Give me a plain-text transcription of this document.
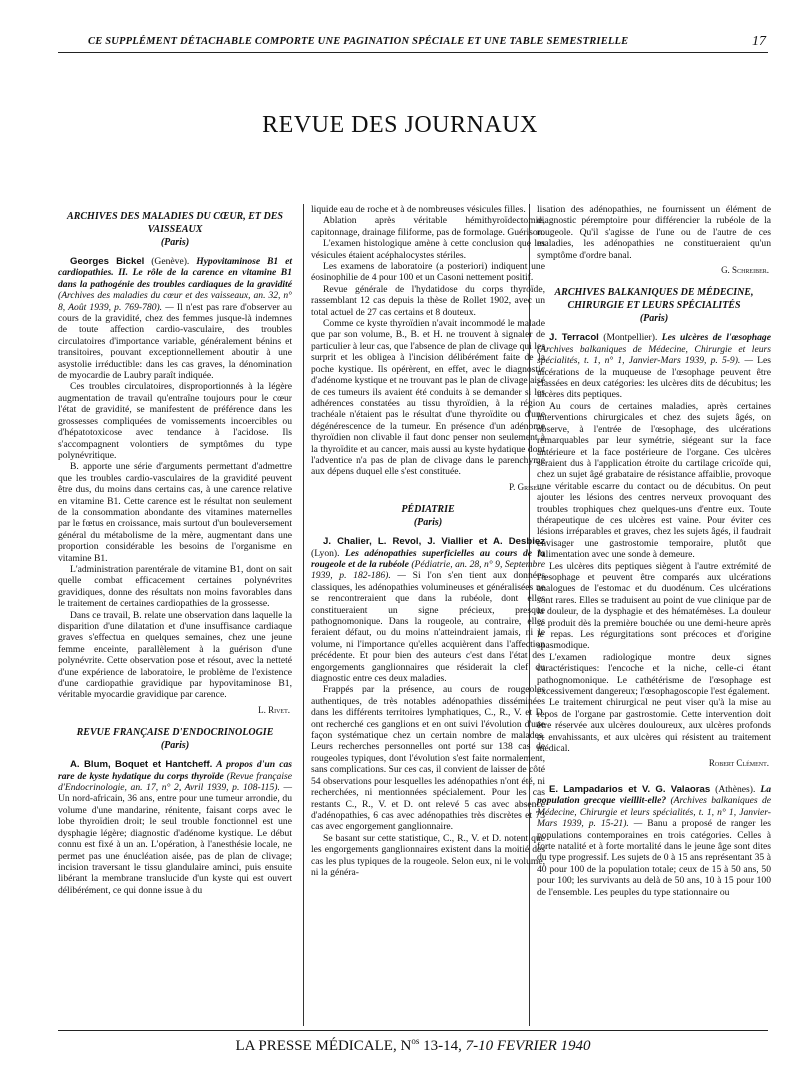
CE SUPPLÉMENT DÉTACHABLE COMPORTE UNE PAGINATION SPÉCIALE ET UNE TABLE SEMESTRIELLE	17
REVUE DES JOURNAUX
ARCHIVES DES MALADIES DU CŒUR, ET DES VAISSEAUX
(Paris)

Georges Bickel (Genève). Hypovitaminose B1 et cardiopathies. II. Le rôle de la carence en vitamine B1 dans la pathogénie des troubles cardiaques de la gravidité (Archives des maladies du cœur et des vaisseaux, an. 32, n° 8, Août 1939, p. 769-780). — Il n'est pas rare d'observer au cours de la gravidité, chez des femmes jusque-là indemnes de toute affection cardio-vasculaire, des troubles circulatoires d'importance variable, généralement bénins et transitoires, pouvant exceptionnellement aboutir à une asystolie irréductible: dans les cas graves, la dénomination de myocardie de Laubry paraît indiquée.

Ces troubles circulatoires, disproportionnés à la légère augmentation de travail qu'entraîne toujours pour le cœur l'état de gravidité, se manifestent de préférence dans les grossesses compliquées de vomissements incoercibles ou d'hépatotoxicose avec tendance à l'acidose. Ils s'accompagnent volontiers de symptômes du type polynévritique.

B. apporte une série d'arguments permettant d'admettre que les troubles cardio-vasculaires de la gravidité peuvent être dus, du moins dans certains cas, à une carence relative en vitamine B1. Cette carence est le résultat non seulement de la consommation abondante des vitamines maternelles par le fœtus en croissance, mais surtout d'un bouleversement général du métabolisme de la mère, augmentant dans une proportion considérable les besoins de l'organisme en vitamine B1.

L'administration parentérale de vitamine B1, dont on sait quelle combat efficacement certaines polynévrites gravidiques, donne des résultats non moins favorables dans le traitement de certaines cardiopathies de la grossesse.

Dans ce travail, B. relate une observation dans laquelle la disparition d'une dilatation et d'une insuffisance cardiaque graves s'effectua en quelques semaines, chez une jeune femme enceinte, parallèlement à la guérison d'une polynévrite. Cette observation pose et résout, avec la netteté d'une expérience de laboratoire, le problème de l'existence d'une cardiopathie gravidique par hypovitaminose B1, véritable myocardie gravidique par carence.

L. Rivet.
REVUE FRANÇAISE D'ENDOCRINOLOGIE
(Paris)

A. Blum, Boquet et Hantcheff. A propos d'un cas rare de kyste hydatique du corps thyroïde (Revue française d'Endocrinologie, an. 17, n° 2, Avril 1939, p. 108-115). — Un nord-africain, 36 ans, entre pour une tumeur arrondie, du volume d'une mandarine, rénitente, faisant corps avec le lobe thyroïdien droit; le seul trouble fonctionnel est une dysphagie légère; diagnostic d'adénome kystique. Le début connu est fixé à un an. L'opération, à l'anesthésie locale, ne permet pas une énucléation aisée, pas de plan de clivage; incision traversant le tissu glandulaire aminci, puis ensuite libérant la membrane translucide d'un kyste qui est ouvert délibérément, ce qui donne issue à du

liquide eau de roche et à de nombreuses vésicules filles.

Ablation après véritable hémithyroïdectomie, capitonnage, drainage filiforme, pas de formolage. Guérison.

L'examen histologique amène à cette conclusion que les vésicules étaient acéphalocystes stériles.

Les examens de laboratoire (a posteriori) indiquent une éosinophilie de 4 pour 100 et un Casoni nettement positif.

Revue générale de l'hydatidose du corps thyroïde, rassemblant 12 cas depuis la thèse de Rollet 1902, avec un total actuel de 27 cas certains et 8 douteux.

Comme ce kyste thyroïdien n'avait incommodé le malade que par son volume, B., B. et H. ne trouvent à signaler de particulier à leur cas, que l'absence de plan de clivage qui les surprit et les obligea à l'incision délibérément faite de la poche kystique. Ils opérèrent, en effet, avec le diagnostic d'adénome kystique et ne trouvant pas le plan de clivage aisé de ces tumeurs ils avaient été conduits à se demander si les adhérences constatées au tissu thyroïdien, à la région trachéale n'étaient pas le résultat d'une thyroïdite ou d'une dégénérescence de la tumeur. En présence d'un adénome thyroïdien non clivable il faut donc penser non seulement à la thyroïdite et au cancer, mais aussi au kyste hydatique dont l'adventice n'a pas de plan de clivage dans le parenchyme aux dépens duquel elle s'est constituée.

P. Grisel.
PÉDIATRIE
(Paris)

J. Chalier, L. Revol, J. Viallier et A. Desbiez (Lyon). Les adénopathies superficielles au cours de la rougeole et de la rubéole (Pédiatrie, an. 28, n° 9, Septembre 1939, p. 182-186). — Si l'on s'en tient aux données classiques, les adénopathies volumineuses et généralisées ne se rencontreraient que dans la rubéole, dont elles constitueraient un signe précieux, presque pathognomonique. Dans la rougeole, au contraire, elles feraient défaut, ou du moins n'atteindraient jamais, ni le volume, ni l'importance qu'elles acquièrent dans l'affection précédente. Et pour bien des auteurs c'est dans l'état des engorgements ganglionnaires que résiderait la clef du diagnostic entre ces deux maladies.

Frappés par la présence, au cours de rougeoles authentiques, de très notables adénopathies disséminées dans les différents territoires lymphatiques, C., R., V. et D. ont recherché ces ganglions et en ont suivi l'évolution d'une façon systématique chez un certain nombre de malades. Leurs recherches personnelles ont porté sur 138 cas de rougeoles typiques, dont l'évolution s'est faite normalement, sans complications. Sur ces cas, il convient de laisser de côté 54 observations pour lesquelles les adénopathies n'ont été, ni recherchées, ni mentionnées spécialement. Pour les cas restants C., R., V. et D. ont relevé 5 cas avec absence d'adénopathies, 6 cas avec adénopathies très discrètes et 73 cas avec engorgement ganglionnaire.

Se basant sur cette statistique, C., R., V. et D. notent que les engorgements ganglionnaires existent dans la moitié des cas les plus typiques de la rougeole. Selon eux, ni le volume, ni la généra-

lisation des adénopathies, ne fournissent un élément de diagnostic péremptoire pour différencier la rubéole de la rougeole. Qu'il s'agisse de l'une ou de l'autre de ces maladies, les adénopathies ne constitueraient qu'un symptôme d'ordre banal.

G. Schreiber.
ARCHIVES BALKANIQUES DE MÉDECINE, CHIRURGIE ET LEURS SPÉCIALITÉS
(Paris)

J. Terracol (Montpellier). Les ulcères de l'œsophage (Archives balkaniques de Médecine, Chirurgie et leurs spécialités, t. 1, n° 1, Janvier-Mars 1939, p. 5-9). — Les ulcérations de la muqueuse de l'œsophage peuvent être classées en deux catégories: les ulcères dits de décubitus; les ulcères dits peptiques.

Au cours de certaines maladies, après certaines interventions chirurgicales et chez des sujets âgés, on observe, à l'entrée de l'œsophage, des ulcérations remarquables par leur symétrie, siégeant sur la face antérieure et la face postérieure de l'organe. Ces ulcères seraient dus à l'application étroite du cartilage cricoïde qui, chez un sujet âgé grabataire de résistance affaiblie, provoque une véritable escarre du contact ou de décubitus. On peut ajouter les lésions des centres nerveux provoquant des troubles trophiques chez quelques-uns d'entre eux. Toute thérapeutique de ces ulcères est vaine. Pour éviter ces lésions irréparables et graves, chez les sujets âgés, il faudrait envisager une gastrostomie temporaire, plutôt que l'alimentation avec une sonde à demeure.

Les ulcères dits peptiques siègent à l'autre extrémité de l'œsophage et peuvent être comparés aux ulcérations analogues de l'estomac et du duodénum. Ces ulcérations sont rares. Elles se traduisent au point de vue clinique par de la douleur, de la dysphagie et des hématémèses. La douleur se produit dès la première bouchée ou une demi-heure après le repas. Les régurgitations sont précoces et d'origine spasmodique.

L'examen radiologique montre deux signes caractéristiques: l'encoche et la niche, celle-ci étant pathognomonique. Le cathétérisme de l'œsophage est excessivement dangereux; l'œsophagoscopie l'est également.

Le traitement chirurgical ne peut viser qu'à la mise au repos de l'organe par gastrostomie. Cette intervention doit être réservée aux ulcères douloureux, aux ulcères profonds et envahissants, et aux ulcères qui résistent au traitement médical.

Robert Clément.

E. Lampadarios et V. G. Valaoras (Athènes). La population grecque vieillit-elle? (Archives balkaniques de Médecine, Chirurgie et leurs spécialités, t. 1, n° 1, Janvier-Mars 1939, p. 15-21). — Banu a proposé de ranger les populations contemporaines en trois catégories. Celles à forte natalité et à forte mortalité dans le jeune âge sont dites du type progressif. Les sujets de 0 à 15 ans représentant 35 à 40 pour 100 de la population totale; ceux de 15 à 50 ans, 50 pour 100; les survivants au delà de 50 ans, 10 à 15 pour 100 de l'ensemble. Les peuples du type stationnaire ou

LA PRESSE MÉDICALE, $N^{os}$ 13-14, 7-10 FEVRIER 1940
